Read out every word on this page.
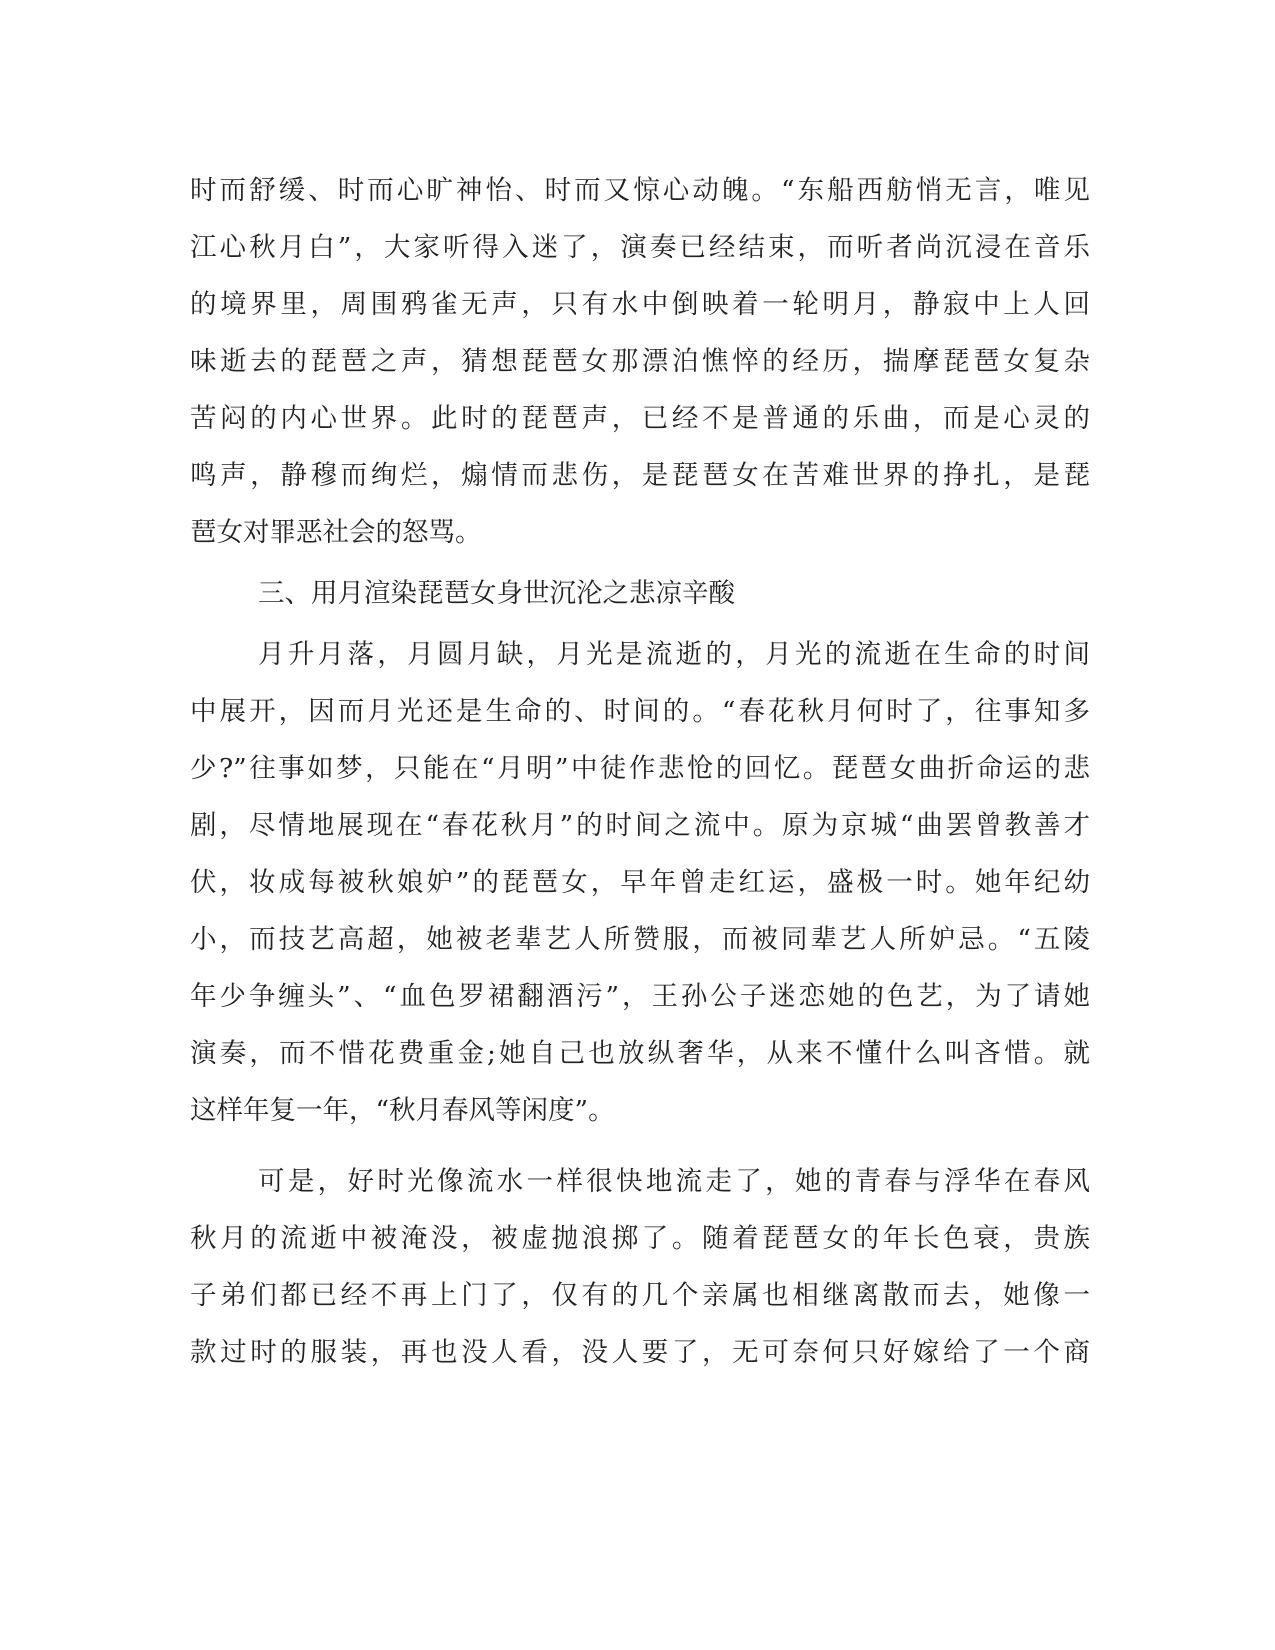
时而舒缓、时而心旷神怡、时而又惊心动魄。“东船西舫悄无言，唯见
江心秋月白”，大家听得入迷了，演奏已经结束，而听者尚沉浸在音乐
的境界里，周围鸦雀无声，只有水中倒映着一轮明月，静寂中上人回
味逝去的琵琶之声，猜想琵琶女那漂泊憔悴的经历，揣摩琵琶女复杂
苦闷的内心世界。此时的琵琶声，已经不是普通的乐曲，而是心灵的
鸣声，静穆而绚烂，煽情而悲伤，是琵琶女在苦难世界的挣扎，是琵
琶女对罪恶社会的怒骂。
三、用月渲染琵琶女身世沉沦之悲凉辛酸
月升月落，月圆月缺，月光是流逝的，月光的流逝在生命的时间
中展开，因而月光还是生命的、时间的。“春花秋月何时了，往事知多
少?”往事如梦，只能在“月明”中徒作悲怆的回忆。琵琶女曲折命运的悲
剧，尽情地展现在“春花秋月”的时间之流中。原为京城“曲罢曾教善才
伏，妆成每被秋娘妒”的琵琶女，早年曾走红运，盛极一时。她年纪幼
小，而技艺高超，她被老辈艺人所赞服，而被同辈艺人所妒忌。“五陵
年少争缠头”、“血色罗裙翻酒污”，王孙公子迷恋她的色艺，为了请她
演奏，而不惜花费重金;她自己也放纵奢华，从来不懂什么叫吝惜。就
这样年复一年，“秋月春风等闲度”。
可是，好时光像流水一样很快地流走了，她的青春与浮华在春风
秋月的流逝中被淹没，被虚抛浪掷了。随着琵琶女的年长色衰，贵族
子弟们都已经不再上门了，仅有的几个亲属也相继离散而去，她像一
款过时的服装，再也没人看，没人要了，无可奈何只好嫁给了一个商
